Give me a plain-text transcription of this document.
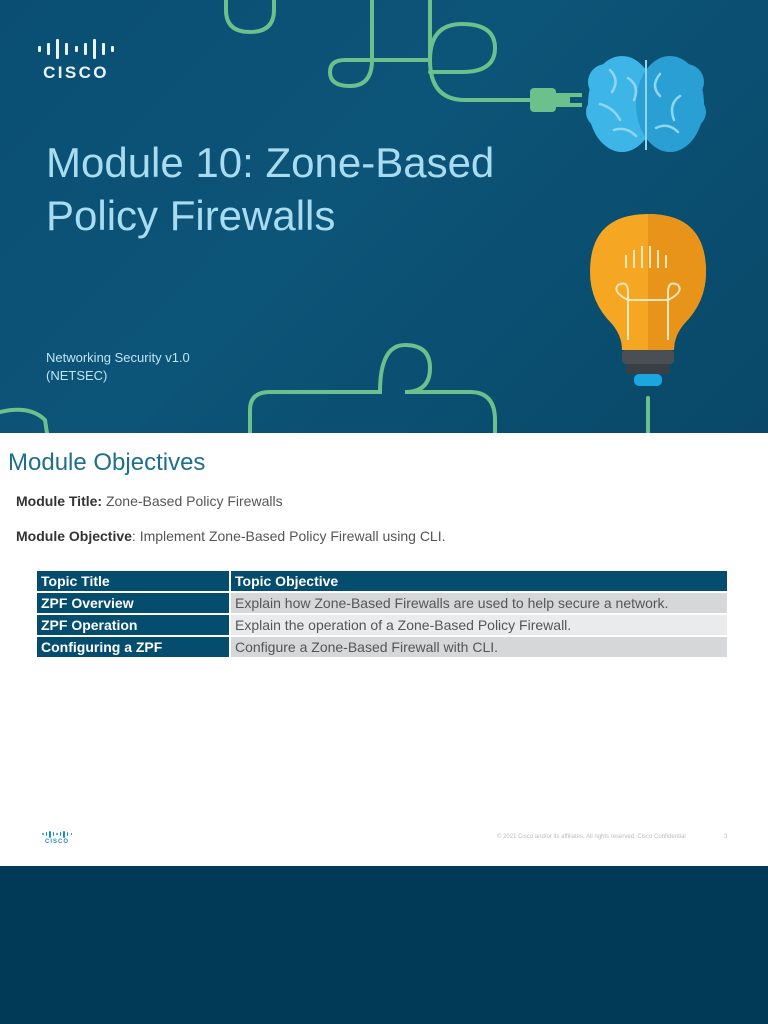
CISCO
Module 10: Zone-Based
Policy Firewalls
Networking Security v1.0
(NETSEC)
Module Objectives
Module Title: Zone-Based Policy Firewalls
Module Objective: Implement Zone-Based Policy Firewall using CLI.
Topic Title	Topic Objective
ZPF Overview	Explain how Zone-Based Firewalls are used to help secure a network.
ZPF Operation	Explain the operation of a Zone-Based Policy Firewall.
Configuring a ZPF	Configure a Zone-Based Firewall with CLI.
CISCO
© 2021 Cisco and/or its affiliates. All rights reserved. Cisco Confidential	3
